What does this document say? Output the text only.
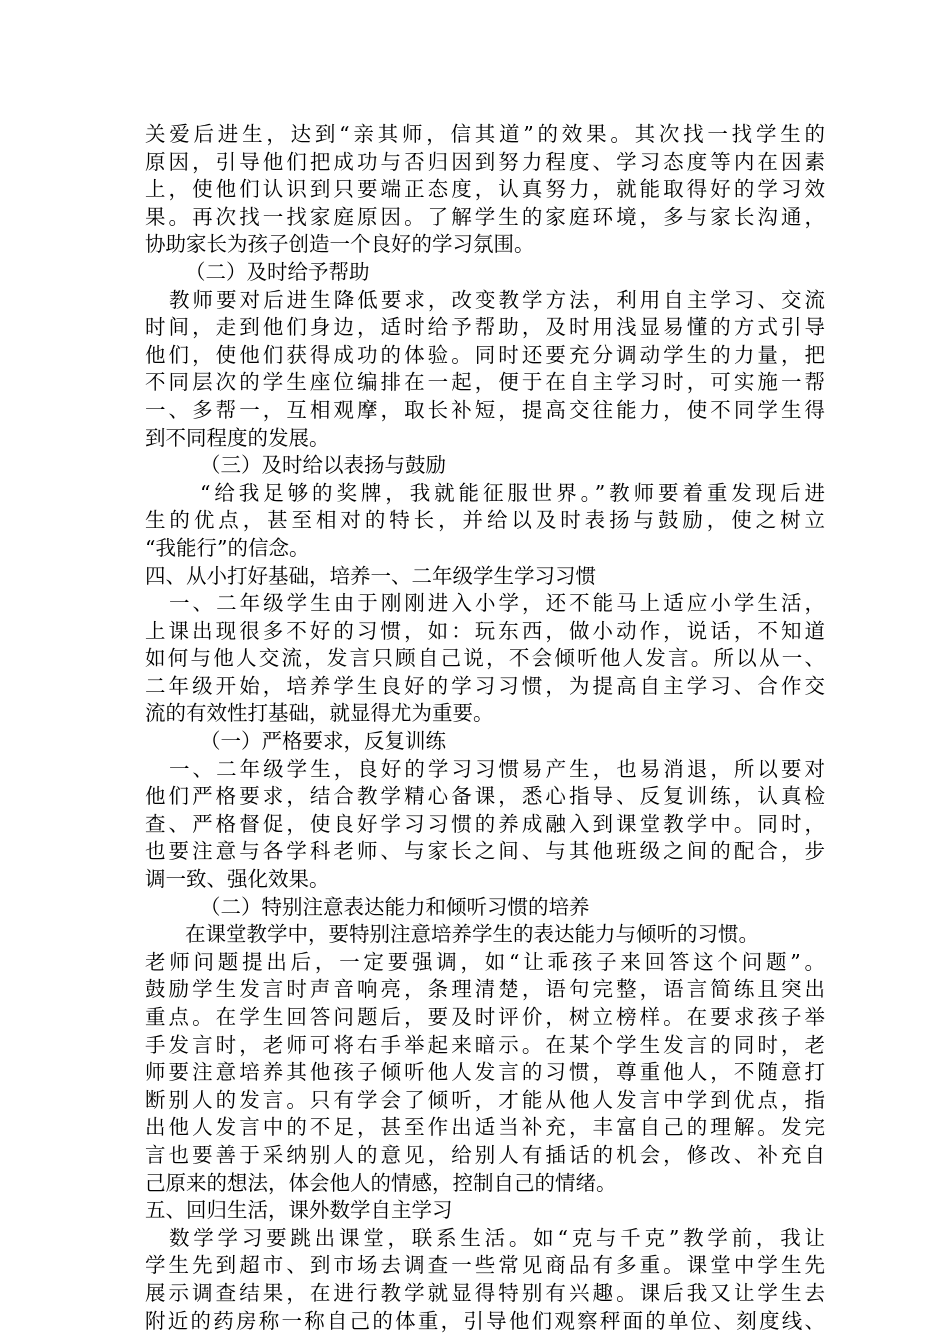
关爱后进生，达到“亲其师，信其道”的效果。其次找一找学生的
原因，引导他们把成功与否归因到努力程度、学习态度等内在因素
上，使他们认识到只要端正态度，认真努力，就能取得好的学习效
果。再次找一找家庭原因。了解学生的家庭环境，多与家长沟通，
协助家长为孩子创造一个良好的学习氛围。
（二）及时给予帮助
教师要对后进生降低要求，改变教学方法，利用自主学习、交流
时间，走到他们身边，适时给予帮助，及时用浅显易懂的方式引导
他们，使他们获得成功的体验。同时还要充分调动学生的力量，把
不同层次的学生座位编排在一起，便于在自主学习时，可实施一帮
一、多帮一，互相观摩，取长补短，提高交往能力，使不同学生得
到不同程度的发展。
（三）及时给以表扬与鼓励
“给我足够的奖牌，我就能征服世界。”教师要着重发现后进
生的优点，甚至相对的特长，并给以及时表扬与鼓励，使之树立
“我能行”的信念。
四、从小打好基础，培养一、二年级学生学习习惯
一、二年级学生由于刚刚进入小学，还不能马上适应小学生活，
上课出现很多不好的习惯，如：玩东西，做小动作，说话，不知道
如何与他人交流，发言只顾自己说，不会倾听他人发言。所以从一、
二年级开始，培养学生良好的学习习惯，为提高自主学习、合作交
流的有效性打基础，就显得尤为重要。
（一）严格要求，反复训练
一、二年级学生，良好的学习习惯易产生，也易消退，所以要对
他们严格要求，结合教学精心备课，悉心指导、反复训练，认真检
查、严格督促，使良好学习习惯的养成融入到课堂教学中。同时，
也要注意与各学科老师、与家长之间、与其他班级之间的配合，步
调一致、强化效果。
（二）特别注意表达能力和倾听习惯的培养
在课堂教学中，要特别注意培养学生的表达能力与倾听的习惯。
老师问题提出后，一定要强调，如“让乖孩子来回答这个问题”。
鼓励学生发言时声音响亮，条理清楚，语句完整，语言简练且突出
重点。在学生回答问题后，要及时评价，树立榜样。在要求孩子举
手发言时，老师可将右手举起来暗示。在某个学生发言的同时，老
师要注意培养其他孩子倾听他人发言的习惯，尊重他人，不随意打
断别人的发言。只有学会了倾听，才能从他人发言中学到优点，指
出他人发言中的不足，甚至作出适当补充，丰富自己的理解。发完
言也要善于采纳别人的意见，给别人有插话的机会，修改、补充自
己原来的想法，体会他人的情感，控制自己的情绪。
五、回归生活，课外数学自主学习
数学学习要跳出课堂，联系生活。如“克与千克”教学前，我让
学生先到超市、到市场去调查一些常见商品有多重。课堂中学生先
展示调查结果，在进行教学就显得特别有兴趣。课后我又让学生去
附近的药房称一称自己的体重，引导他们观察秤面的单位、刻度线、
